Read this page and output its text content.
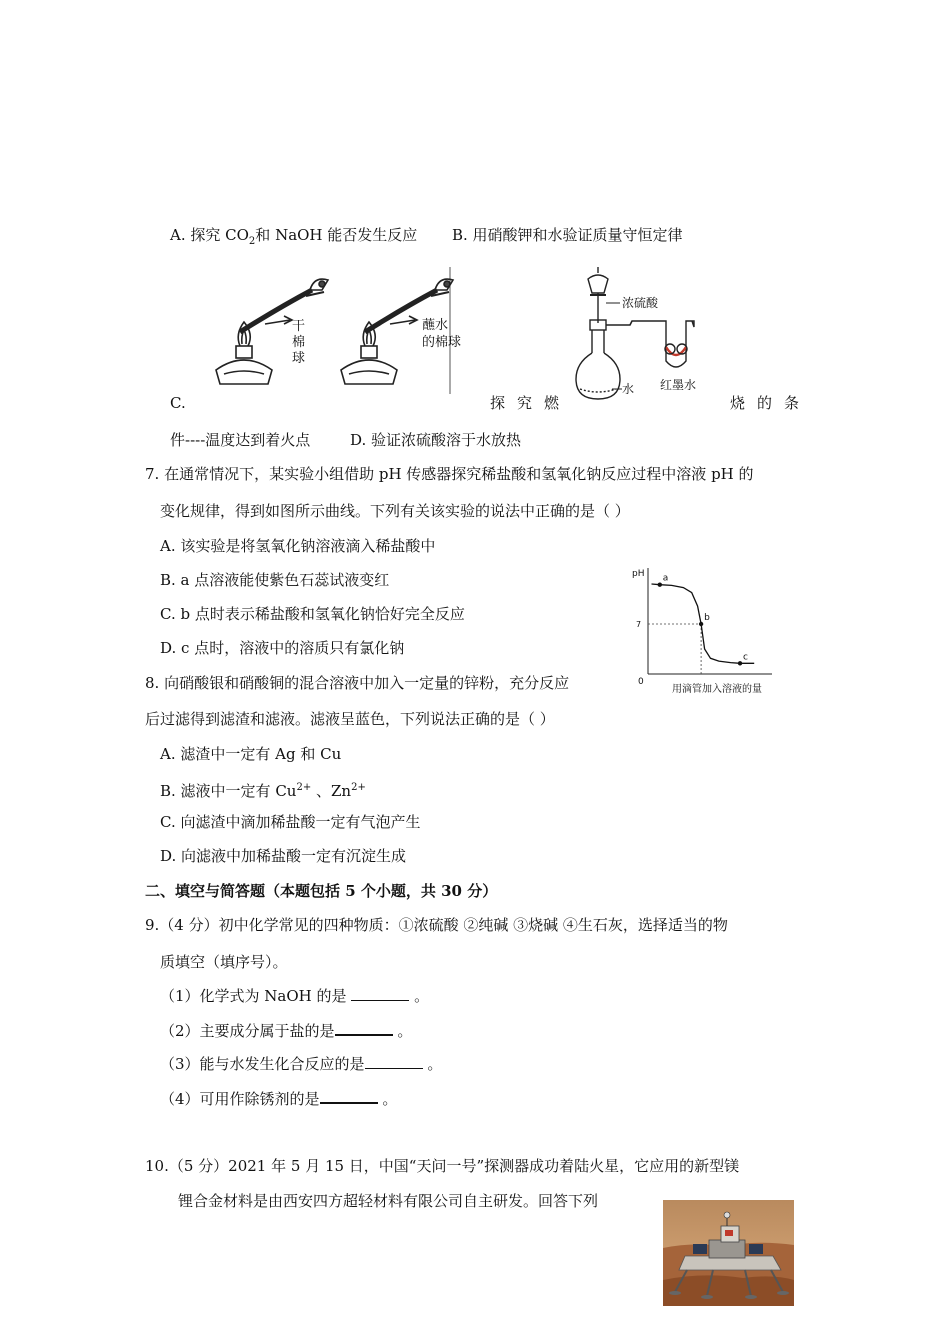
A. 探究 $CO_2$和 NaOH 能否发生反应 B. 用硝酸钾和水验证质量守恒定律
干棉球
蘸水
的棉球
浓硫酸
水 红墨水
C.	探究燃	烧的条
件----温度达到着火点	D. 验证浓硫酸溶于水放热
7. 在通常情况下，某实验小组借助 pH 传感器探究稀盐酸和氢氧化钠反应过程中溶液 pH 的
变化规律，得到如图所示曲线。下列有关该实验的说法中正确的是（ ）
A. 该实验是将氢氧化钠溶液滴入稀盐酸中
B. a 点溶液能使紫色石蕊试液变红
C. b 点时表示稀盐酸和氢氧化钠恰好完全反应
D. c 点时，溶液中的溶质只有氯化钠
pH
0
用滴管加入溶液的量
7
a
b
c
8. 向硝酸银和硝酸铜的混合溶液中加入一定量的锌粉，充分反应
后过滤得到滤渣和滤液。滤液呈蓝色，下列说法正确的是（ ）
A. 滤渣中一定有 Ag 和 Cu
B. 滤液中一定有 $Cu^{2+}$ 、$Zn^{2+}$
C. 向滤渣中滴加稀盐酸一定有气泡产生
D. 向滤液中加稀盐酸一定有沉淀生成
二、填空与简答题（本题包括 5 个小题，共 30 分）
9.（4 分）初中化学常见的四种物质：①浓硫酸 ②纯碱 ③烧碱 ④生石灰，选择适当的物
质填空（填序号）。
（1）化学式为 NaOH 的是	。
（2）主要成分属于盐的是	。
（3）能与水发生化合反应的是	。
（4）可用作除锈剂的是	。
10.（5 分）2021 年 5 月 15 日，中国“天问一号”探测器成功着陆火星，它应用的新型镁
锂合金材料是由西安四方超轻材料有限公司自主研发。回答下列
